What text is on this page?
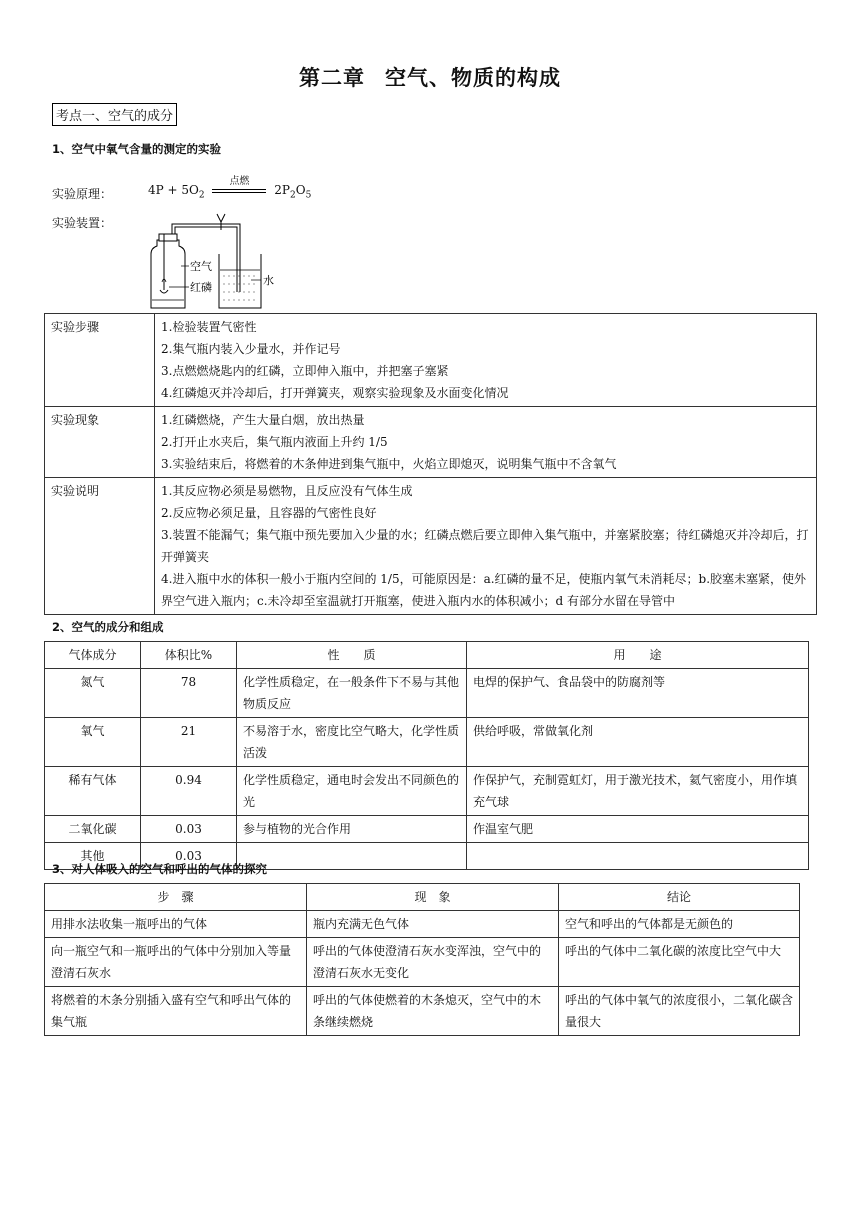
第二章 空气、物质的构成
考点一、空气的成分
1、空气中氧气含量的测定的实验
实验原理：	$4P + 5O_2$
点燃
$2P_2O_5$
实验装置：
空气
红磷
水
实验步骤	1.检验装置气密性
2.集气瓶内装入少量水，并作记号
3.点燃燃烧匙内的红磷，立即伸入瓶中，并把塞子塞紧
4.红磷熄灭并冷却后，打开弹簧夹，观察实验现象及水面变化情况

实验现象	1.红磷燃烧，产生大量白烟，放出热量
2.打开止水夹后，集气瓶内液面上升约 1/5
3.实验结束后，将燃着的木条伸进到集气瓶中，火焰立即熄灭，说明集气瓶中不含氧气

实验说明	1.其反应物必须是易燃物，且反应没有气体生成
2.反应物必须足量，且容器的气密性良好
3.装置不能漏气；集气瓶中预先要加入少量的水；红磷点燃后要立即伸入集气瓶中，并塞紧胶塞；待红磷熄灭并冷却后，打开弹簧夹
4.进入瓶中水的体积一般小于瓶内空间的 1/5，可能原因是：a.红磷的量不足，使瓶内氧气未消耗尽；b.胶塞未塞紧，使外界空气进入瓶内；c.未冷却至室温就打开瓶塞，使进入瓶内水的体积减小；d 有部分水留在导管中
2、空气的成分和组成
气体成分	体积比%	性　　质	用　　途
氮气	78	化学性质稳定，在一般条件下不易与其他物质反应	电焊的保护气、食品袋中的防腐剂等
氧气	21	不易溶于水，密度比空气略大，化学性质活泼	供给呼吸，常做氧化剂
稀有气体	0.94	化学性质稳定，通电时会发出不同颜色的光	作保护气，充制霓虹灯，用于激光技术，氦气密度小，用作填充气球
二氧化碳	0.03	参与植物的光合作用	作温室气肥
其他	0.03		
3、对人体吸入的空气和呼出的气体的探究
步　骤	现　象	结论
用排水法收集一瓶呼出的气体	瓶内充满无色气体	空气和呼出的气体都是无颜色的
向一瓶空气和一瓶呼出的气体中分别加入等量澄清石灰水	呼出的气体使澄清石灰水变浑浊，空气中的澄清石灰水无变化	呼出的气体中二氧化碳的浓度比空气中大
将燃着的木条分别插入盛有空气和呼出气体的集气瓶	呼出的气体使燃着的木条熄灭，空气中的木条继续燃烧	呼出的气体中氧气的浓度很小，二氧化碳含量很大
